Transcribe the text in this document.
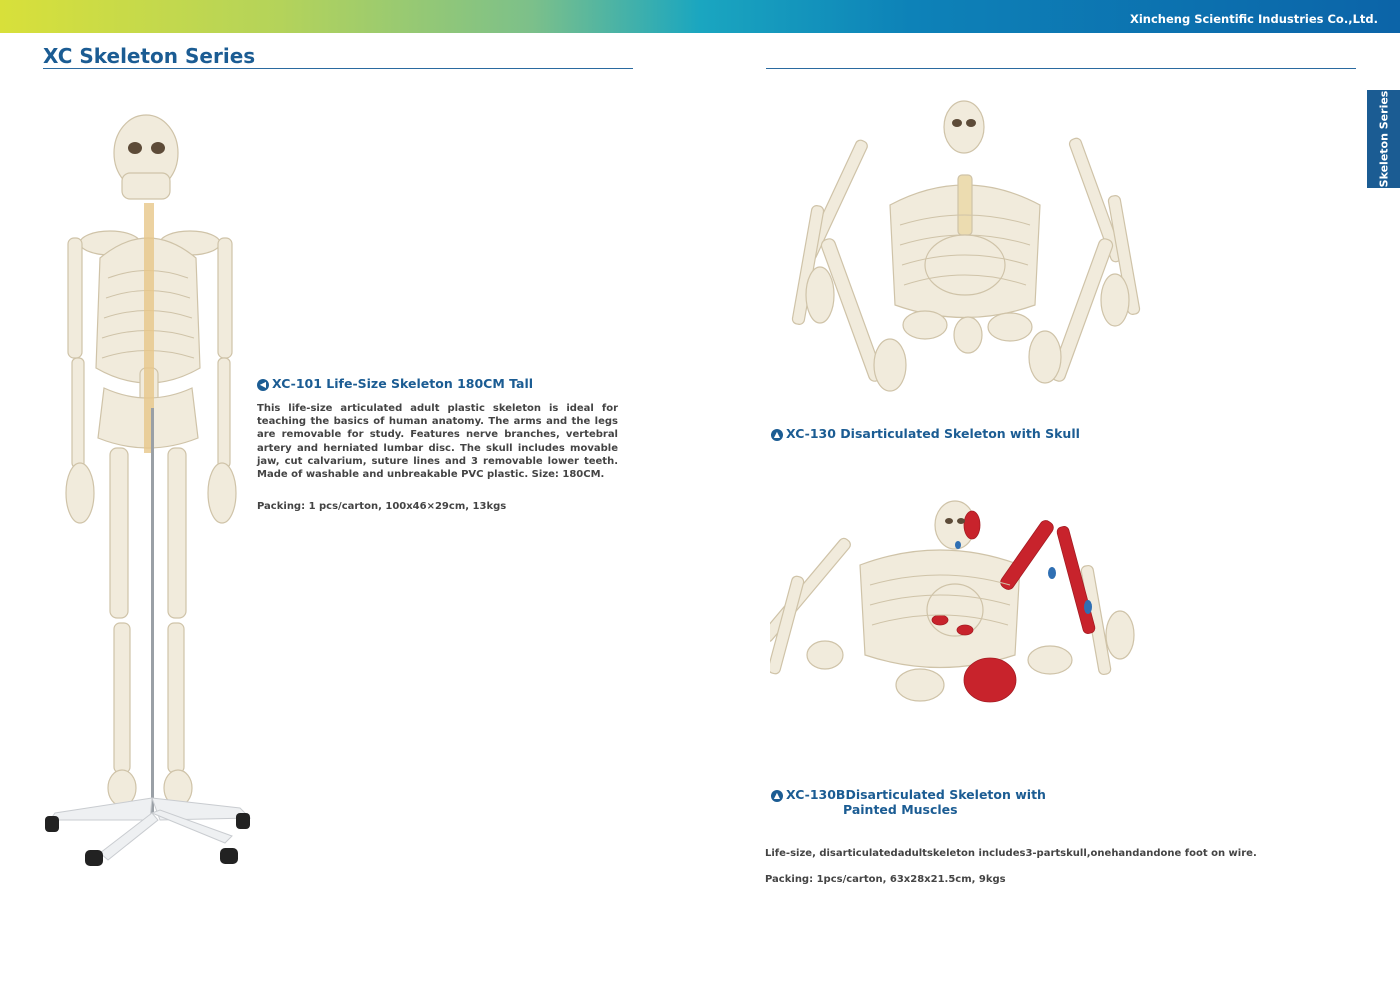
Xincheng Scientific Industries Co.,Ltd.
XC Skeleton Series
Skeleton Series
◀ XC-101 Life-Size Skeleton 180CM Tall
This life-size articulated adult plastic skeleton is ideal for teaching the basics of human anatomy. The arms and the legs are removable for study. Features nerve branches, vertebral artery and herniated lumbar disc. The skull includes movable jaw, cut calvarium, suture lines and 3 removable lower teeth. Made of washable and unbreakable PVC plastic. Size: 180CM.
Packing: 1 pcs/carton, 100x46×29cm, 13kgs
▲ XC-130 Disarticulated Skeleton with Skull
▲ XC-130BDisarticulated Skeleton with
Painted Muscles
Life-size, disarticulatedadultskeleton includes3-partskull,onehandandone foot on wire.
Packing: 1pcs/carton, 63x28x21.5cm, 9kgs
